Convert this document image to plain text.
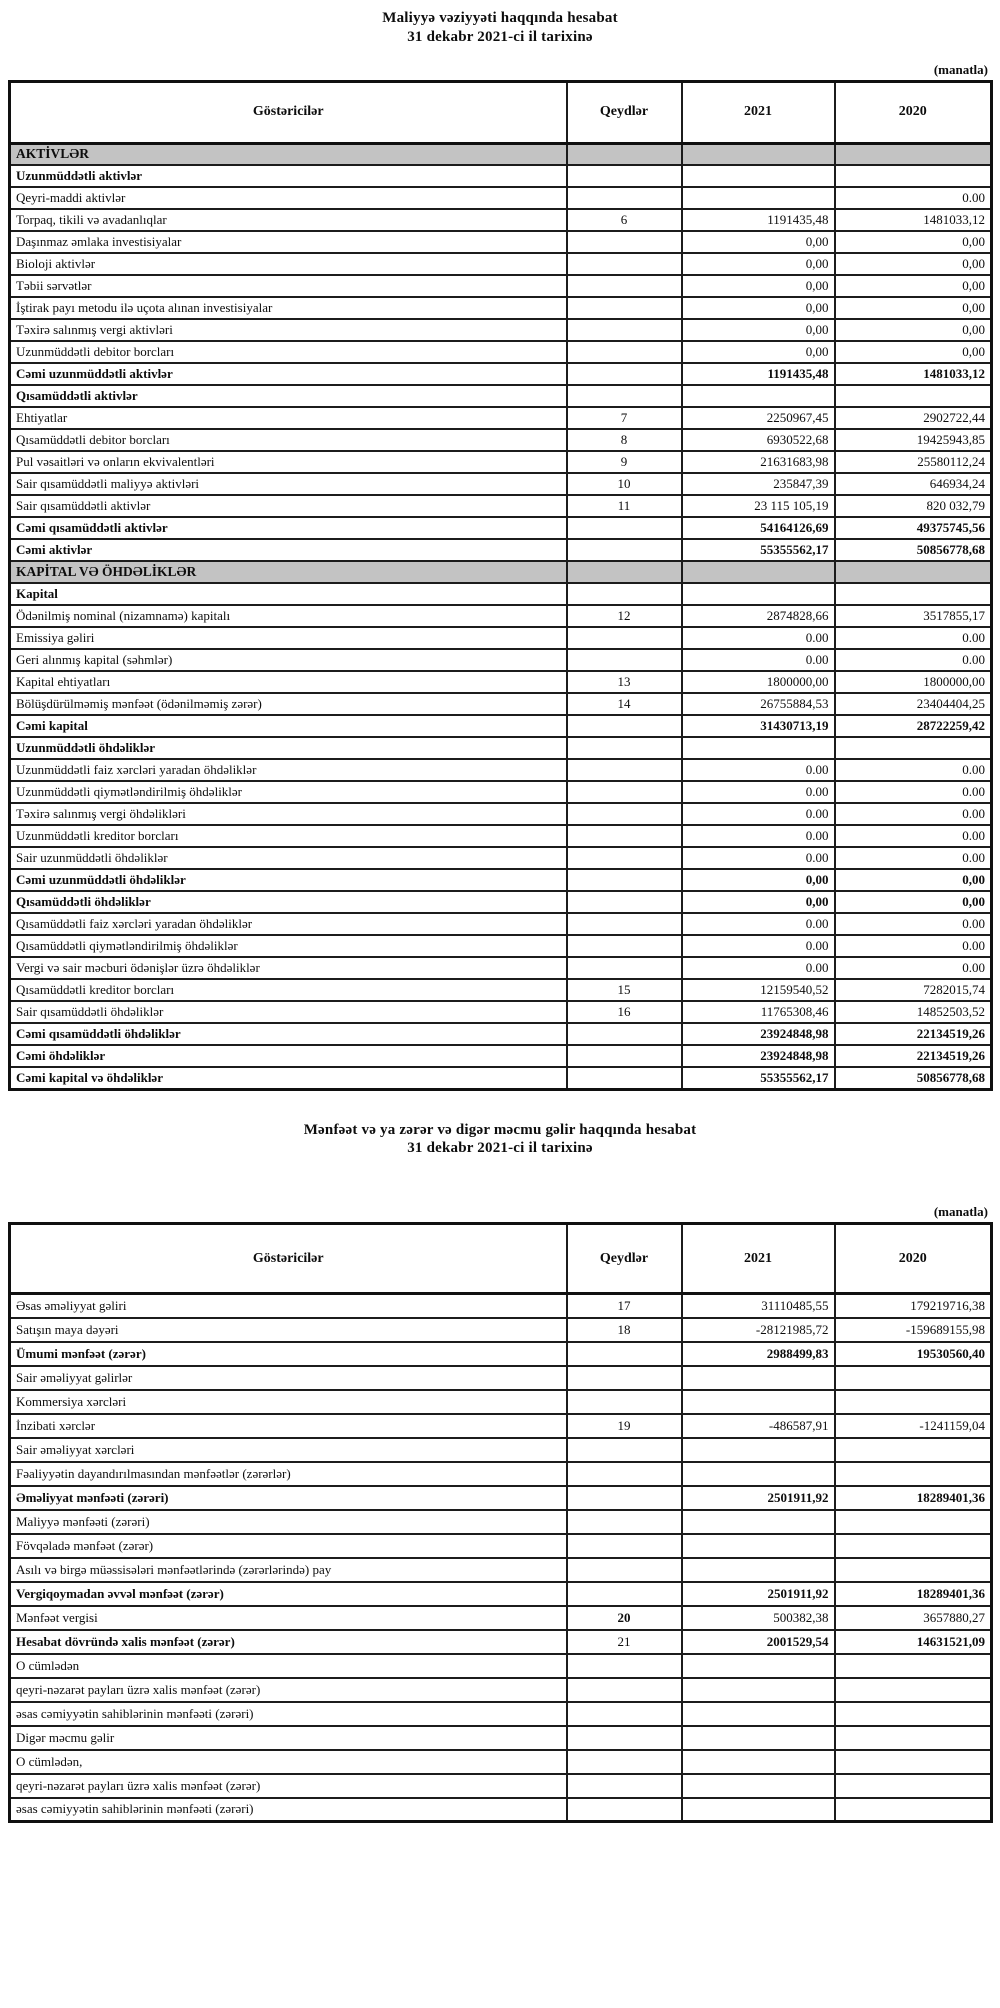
Maliyyə vəziyyəti haqqında hesabat
31 dekabr 2021-ci il tarixinə
(manatla)
Göstəricilər	Qeydlər	2021	2020
AKTİVLƏR			
Uzunmüddətli aktivlər			
Qeyri-maddi aktivlər			0.00
Torpaq, tikili və avadanlıqlar	6	1191435,48	1481033,12
Daşınmaz əmlaka investisiyalar		0,00	0,00
Bioloji aktivlər		0,00	0,00
Təbii sərvətlər		0,00	0,00
İştirak payı metodu ilə uçota alınan investisiyalar		0,00	0,00
Təxirə salınmış vergi aktivləri		0,00	0,00
Uzunmüddətli debitor borcları		0,00	0,00
Cəmi uzunmüddətli aktivlər		1191435,48	1481033,12
Qısamüddətli aktivlər			
Ehtiyatlar	7	2250967,45	2902722,44
Qısamüddətli debitor borcları	8	6930522,68	19425943,85
Pul vəsaitləri və onların ekvivalentləri	9	21631683,98	25580112,24
Sair qısamüddətli maliyyə aktivləri	10	235847,39	646934,24
Sair qısamüddətli aktivlər	11	23 115 105,19	820 032,79
Cəmi qısamüddətli aktivlər		54164126,69	49375745,56
Cəmi aktivlər		55355562,17	50856778,68
KAPİTAL VƏ ÖHDƏLİKLƏR			
Kapital			
Ödənilmiş nominal (nizamnamə) kapitalı	12	2874828,66	3517855,17
Emissiya gəliri		0.00	0.00
Geri alınmış kapital (səhmlər)		0.00	0.00
Kapital ehtiyatları	13	1800000,00	1800000,00
Bölüşdürülməmiş mənfəət (ödənilməmiş zərər)	14	26755884,53	23404404,25
Cəmi kapital		31430713,19	28722259,42
Uzunmüddətli öhdəliklər			
Uzunmüddətli faiz xərcləri yaradan öhdəliklər		0.00	0.00
Uzunmüddətli qiymətləndirilmiş öhdəliklər		0.00	0.00
Təxirə salınmış vergi öhdəlikləri		0.00	0.00
Uzunmüddətli kreditor borcları		0.00	0.00
Sair uzunmüddətli öhdəliklər		0.00	0.00
Cəmi uzunmüddətli öhdəliklər		0,00	0,00
Qısamüddətli öhdəliklər		0,00	0,00
Qısamüddətli faiz xərcləri yaradan öhdəliklər		0.00	0.00
Qısamüddətli qiymətləndirilmiş öhdəliklər		0.00	0.00
Vergi və sair məcburi ödənişlər üzrə öhdəliklər		0.00	0.00
Qısamüddətli kreditor borcları	15	12159540,52	7282015,74
Sair qısamüddətli öhdəliklər	16	11765308,46	14852503,52
Cəmi qısamüddətli öhdəliklər		23924848,98	22134519,26
Cəmi öhdəliklər		23924848,98	22134519,26
Cəmi kapital və öhdəliklər		55355562,17	50856778,68
Mənfəət və ya zərər və digər məcmu gəlir haqqında hesabat
31 dekabr 2021-ci il tarixinə
(manatla)
Göstəricilər	Qeydlər	2021	2020
Əsas əməliyyat gəliri	17	31110485,55	179219716,38
Satışın maya dəyəri	18	-28121985,72	-159689155,98
Ümumi mənfəət (zərər)		2988499,83	19530560,40
Sair əməliyyat gəlirlər			
Kommersiya xərcləri			
İnzibati xərclər	19	-486587,91	-1241159,04
Sair əməliyyat xərcləri			
Fəaliyyətin dayandırılmasından mənfəətlər (zərərlər)			
Əməliyyat mənfəəti (zərəri)		2501911,92	18289401,36
Maliyyə mənfəəti (zərəri)			
Fövqəladə mənfəət (zərər)			
Asılı və birgə müəssisələri mənfəətlərində (zərərlərində) pay			
Vergiqoymadan əvvəl mənfəət (zərər)		2501911,92	18289401,36
Mənfəət vergisi	20	500382,38	3657880,27
Hesabat dövründə xalis mənfəət (zərər)	21	2001529,54	14631521,09
O cümlədən			
qeyri-nəzarət payları üzrə xalis mənfəət (zərər)			
əsas cəmiyyətin sahiblərinin mənfəəti (zərəri)			
Digər məcmu gəlir			
O cümlədən,			
qeyri-nəzarət payları üzrə xalis mənfəət (zərər)			
əsas cəmiyyətin sahiblərinin mənfəəti (zərəri)			
